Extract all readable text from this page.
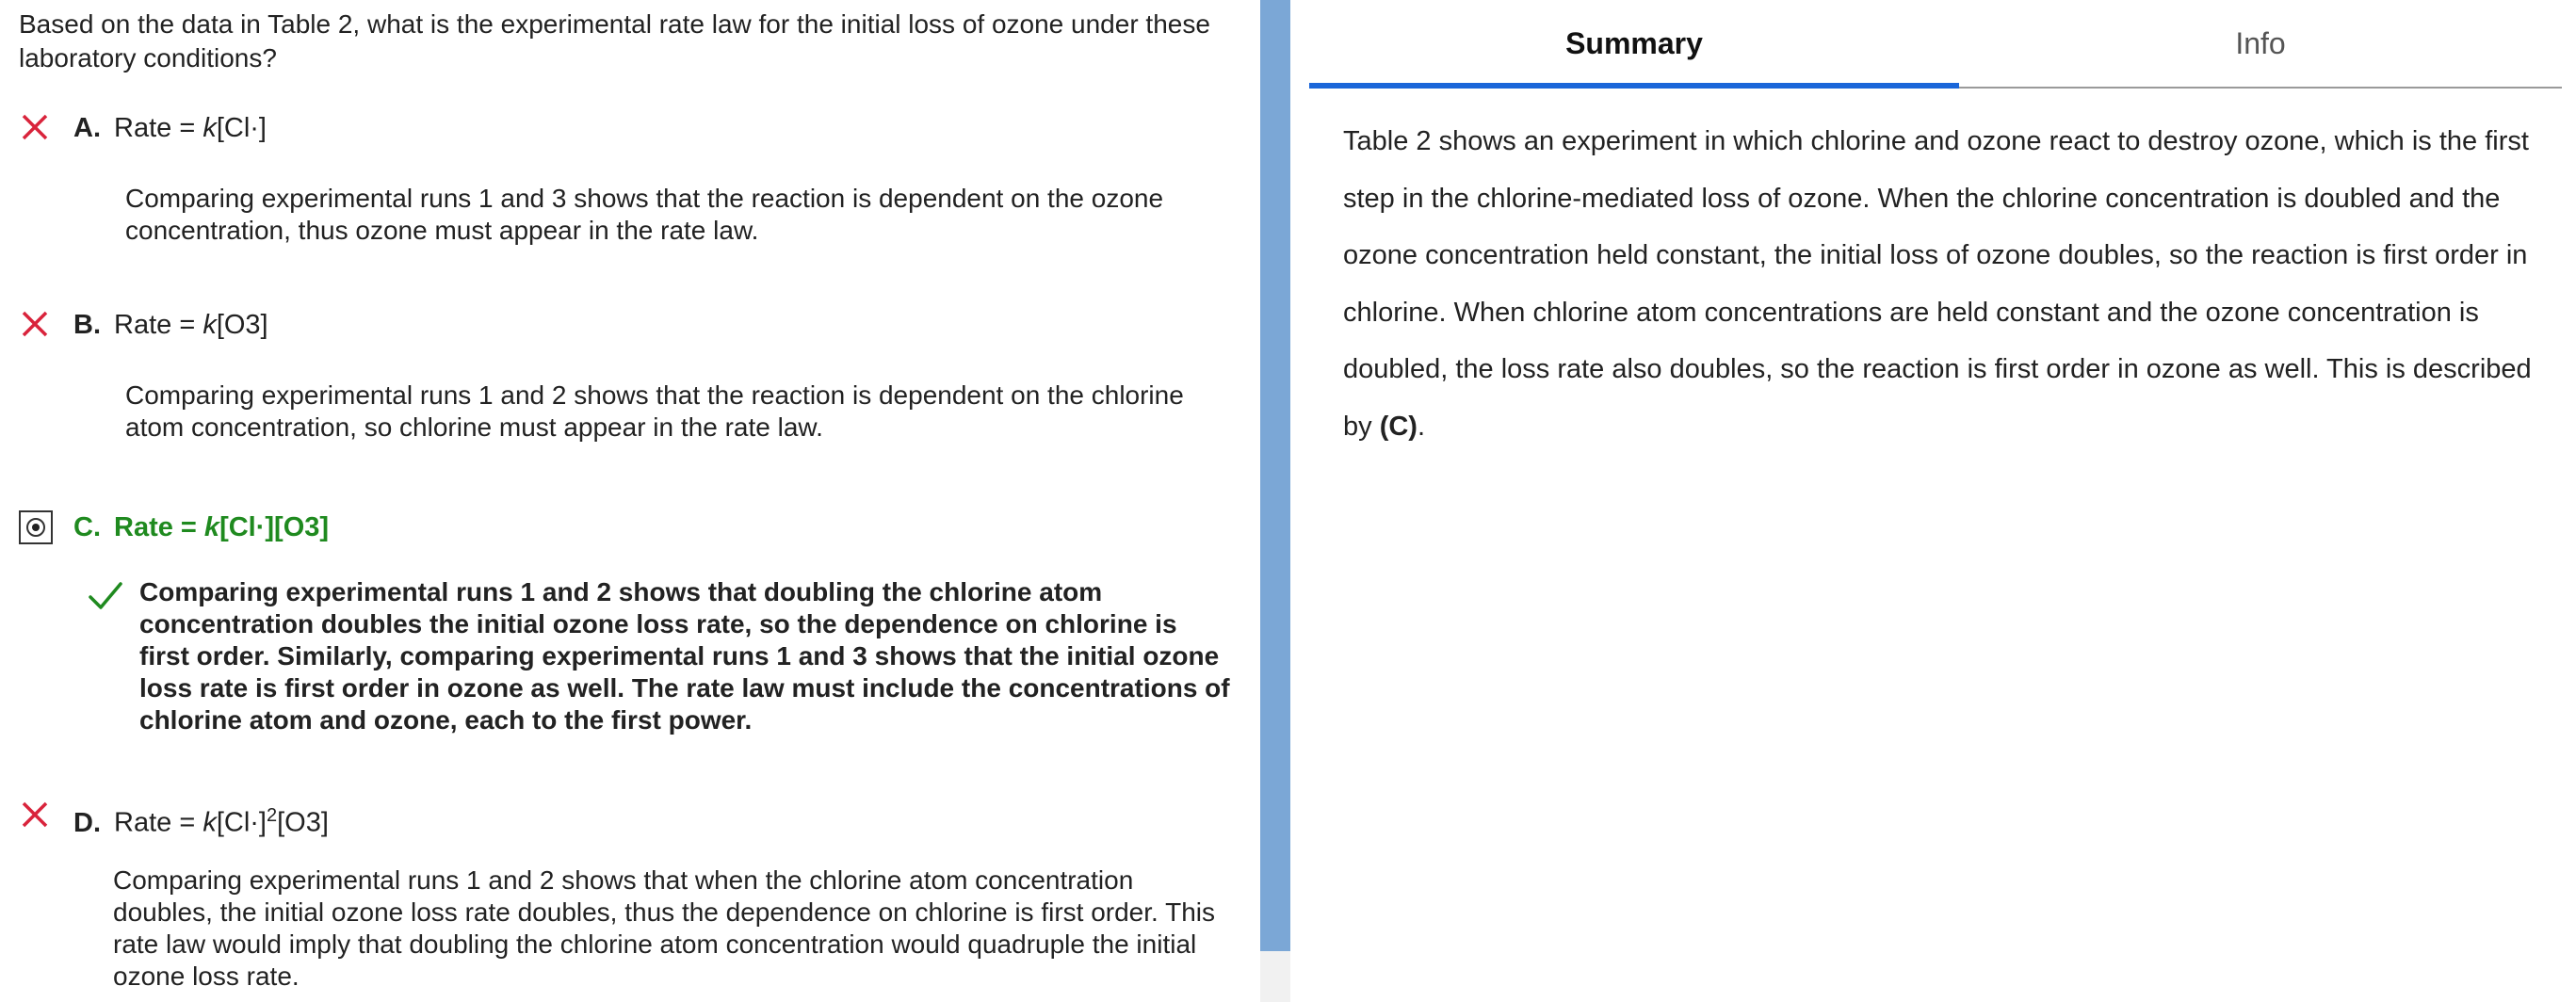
Based on the data in Table 2, what is the experimental rate law for the initial loss of ozone under these laboratory conditions?

A. Rate = k[Cl·]

Comparing experimental runs 1 and 3 shows that the reaction is dependent on the ozone concentration, thus ozone must appear in the rate law.

B. Rate = k[O3]

Comparing experimental runs 1 and 2 shows that the reaction is dependent on the chlorine atom concentration, so chlorine must appear in the rate law.

C. Rate = k[Cl·][O3]

Comparing experimental runs 1 and 2 shows that doubling the chlorine atom concentration doubles the initial ozone loss rate, so the dependence on chlorine is first order. Similarly, comparing experimental runs 1 and 3 shows that the initial ozone loss rate is first order in ozone as well. The rate law must include the concentrations of chlorine atom and ozone, each to the first power.

D. Rate = $k[Cl\cdot]^2[O3]$

Comparing experimental runs 1 and 2 shows that when the chlorine atom concentration doubles, the initial ozone loss rate doubles, thus the dependence on chlorine is first order. This rate law would imply that doubling the chlorine atom concentration would quadruple the initial ozone loss rate.

Summary	Info

Table 2 shows an experiment in which chlorine and ozone react to destroy ozone, which is the first step in the chlorine-mediated loss of ozone. When the chlorine concentration is doubled and the ozone concentration held constant, the initial loss of ozone doubles, so the reaction is first order in chlorine. When chlorine atom concentrations are held constant and the ozone concentration is doubled, the loss rate also doubles, so the reaction is first order in ozone as well. This is described by (C).
